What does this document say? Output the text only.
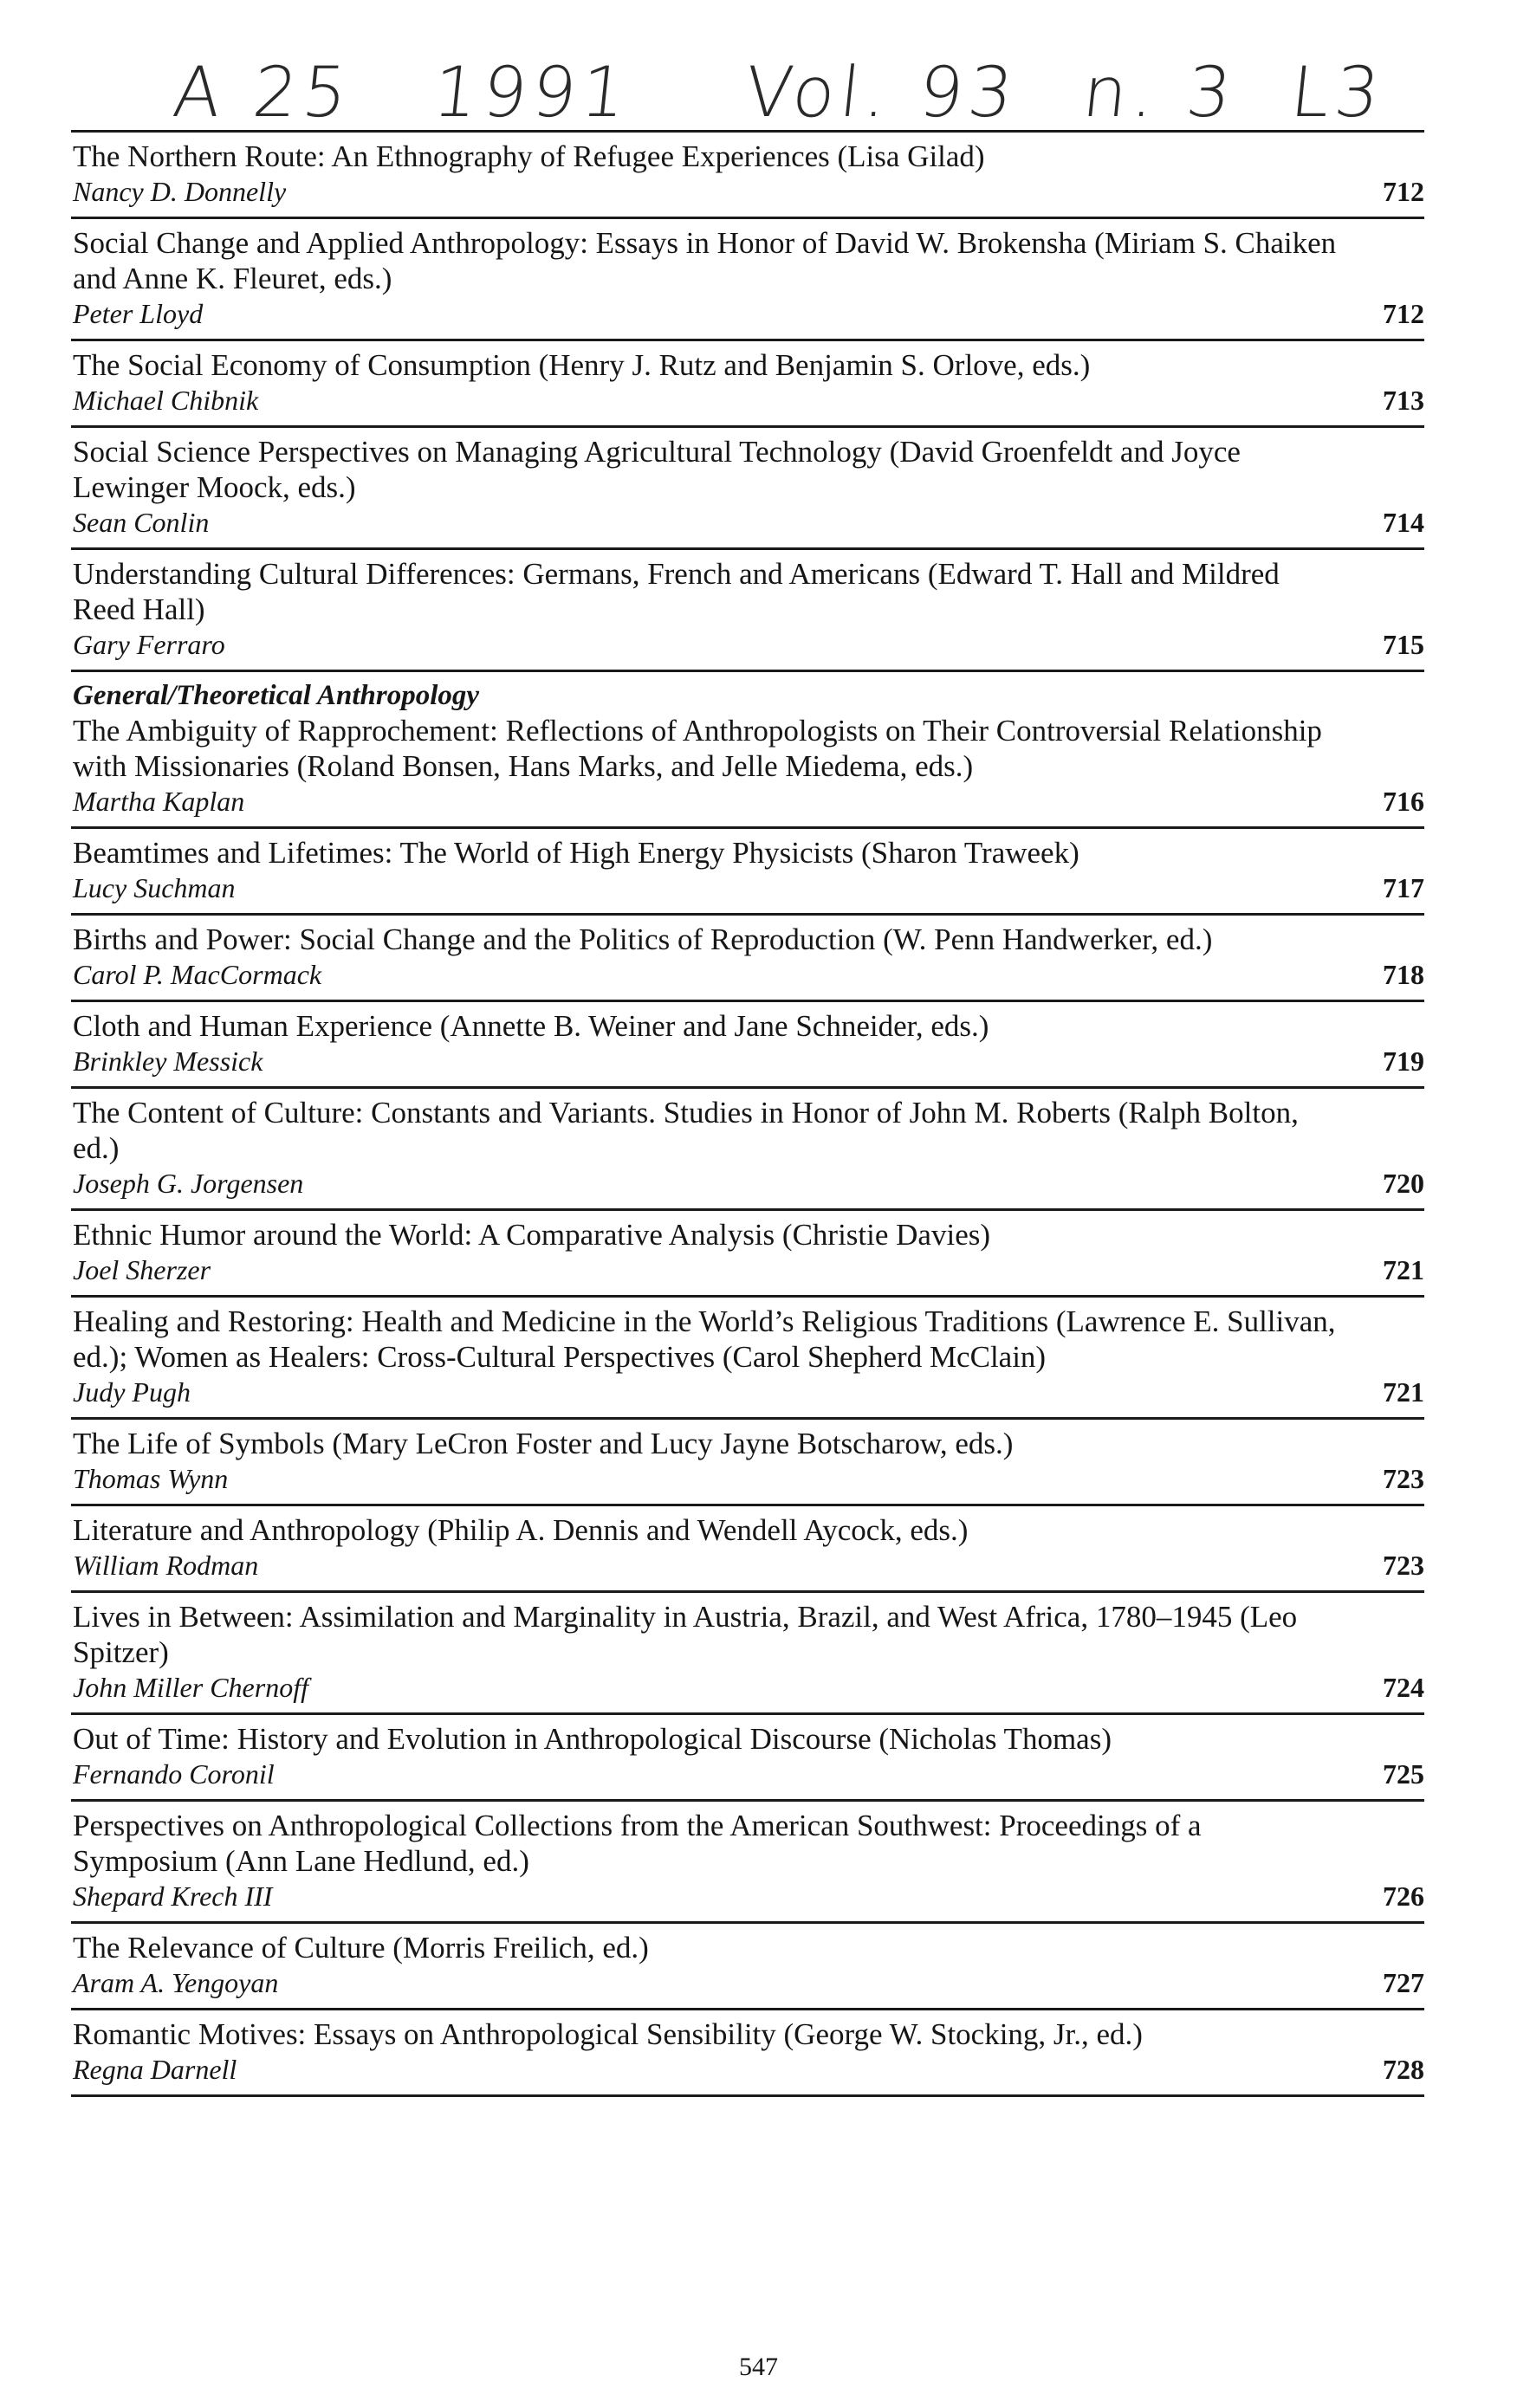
A 25 1991 Vol. 93 n. 3 L3
The Northern Route: An Ethnography of Refugee Experiences (Lisa Gilad)
Nancy D. Donnelly	712
Social Change and Applied Anthropology: Essays in Honor of David W. Brokensha (Miriam S. Chaiken and Anne K. Fleuret, eds.)
Peter Lloyd	712
The Social Economy of Consumption (Henry J. Rutz and Benjamin S. Orlove, eds.)
Michael Chibnik	713
Social Science Perspectives on Managing Agricultural Technology (David Groenfeldt and Joyce Lewinger Moock, eds.)
Sean Conlin	714
Understanding Cultural Differences: Germans, French and Americans (Edward T. Hall and Mildred Reed Hall)
Gary Ferraro	715
General/Theoretical Anthropology
The Ambiguity of Rapprochement: Reflections of Anthropologists on Their Controversial Relationship with Missionaries (Roland Bonsen, Hans Marks, and Jelle Miedema, eds.)
Martha Kaplan	716
Beamtimes and Lifetimes: The World of High Energy Physicists (Sharon Traweek)
Lucy Suchman	717
Births and Power: Social Change and the Politics of Reproduction (W. Penn Handwerker, ed.)
Carol P. MacCormack	718
Cloth and Human Experience (Annette B. Weiner and Jane Schneider, eds.)
Brinkley Messick	719
The Content of Culture: Constants and Variants. Studies in Honor of John M. Roberts (Ralph Bolton, ed.)
Joseph G. Jorgensen	720
Ethnic Humor around the World: A Comparative Analysis (Christie Davies)
Joel Sherzer	721
Healing and Restoring: Health and Medicine in the World’s Religious Traditions (Lawrence E. Sullivan, ed.); Women as Healers: Cross-Cultural Perspectives (Carol Shepherd McClain)
Judy Pugh	721
The Life of Symbols (Mary LeCron Foster and Lucy Jayne Botscharow, eds.)
Thomas Wynn	723
Literature and Anthropology (Philip A. Dennis and Wendell Aycock, eds.)
William Rodman	723
Lives in Between: Assimilation and Marginality in Austria, Brazil, and West Africa, 1780–1945 (Leo Spitzer)
John Miller Chernoff	724
Out of Time: History and Evolution in Anthropological Discourse (Nicholas Thomas)
Fernando Coronil	725
Perspectives on Anthropological Collections from the American Southwest: Proceedings of a Symposium (Ann Lane Hedlund, ed.)
Shepard Krech III	726
The Relevance of Culture (Morris Freilich, ed.)
Aram A. Yengoyan	727
Romantic Motives: Essays on Anthropological Sensibility (George W. Stocking, Jr., ed.)
Regna Darnell	728
547
